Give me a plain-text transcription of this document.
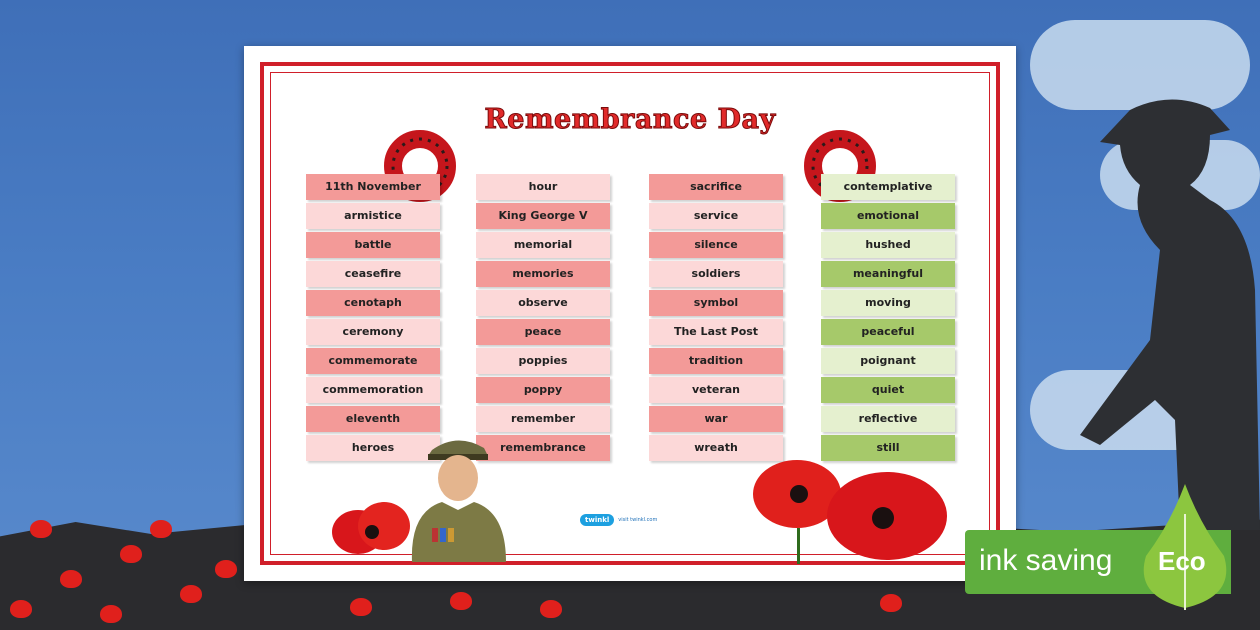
Remembrance Day
11th November
armistice
battle
ceasefire
cenotaph
ceremony
commemorate
commemoration
eleventh
heroes
hour
King George V
memorial
memories
observe
peace
poppies
poppy
remember
remembrance
sacrifice
service
silence
soldiers
symbol
The Last Post
tradition
veteran
war
wreath
contemplative
emotional
hushed
meaningful
moving
peaceful
poignant
quiet
reflective
still
twinkl	visit twinkl.com
ink saving Eco
